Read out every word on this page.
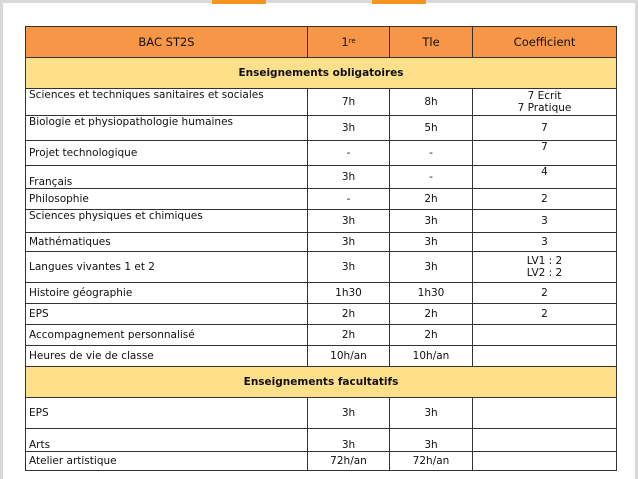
BAC ST2S	1re	Tle	Coefficient
Enseignements obligatoires			
Sciences et techniques sanitaires et sociales	7h	8h	7 Ecrit
7 Pratique

Biologie et physiopathologie humaines	3h	5h	7
Projet technologique	-	-	7
Français	3h	-	4
Philosophie	-	2h	2
Sciences physiques et chimiques	3h	3h	3
Mathématiques	3h	3h	3
Langues vivantes 1 et 2	3h	3h	LV1 : 2
LV2 : 2

Histoire géographie	1h30	1h30	2
EPS	2h	2h	2
Accompagnement personnalisé	2h	2h	
Heures de vie de classe	10h/an	10h/an	
Enseignements facultatifs			
EPS	3h	3h	
Arts	3h	3h	
Atelier artistique	72h/an	72h/an	
